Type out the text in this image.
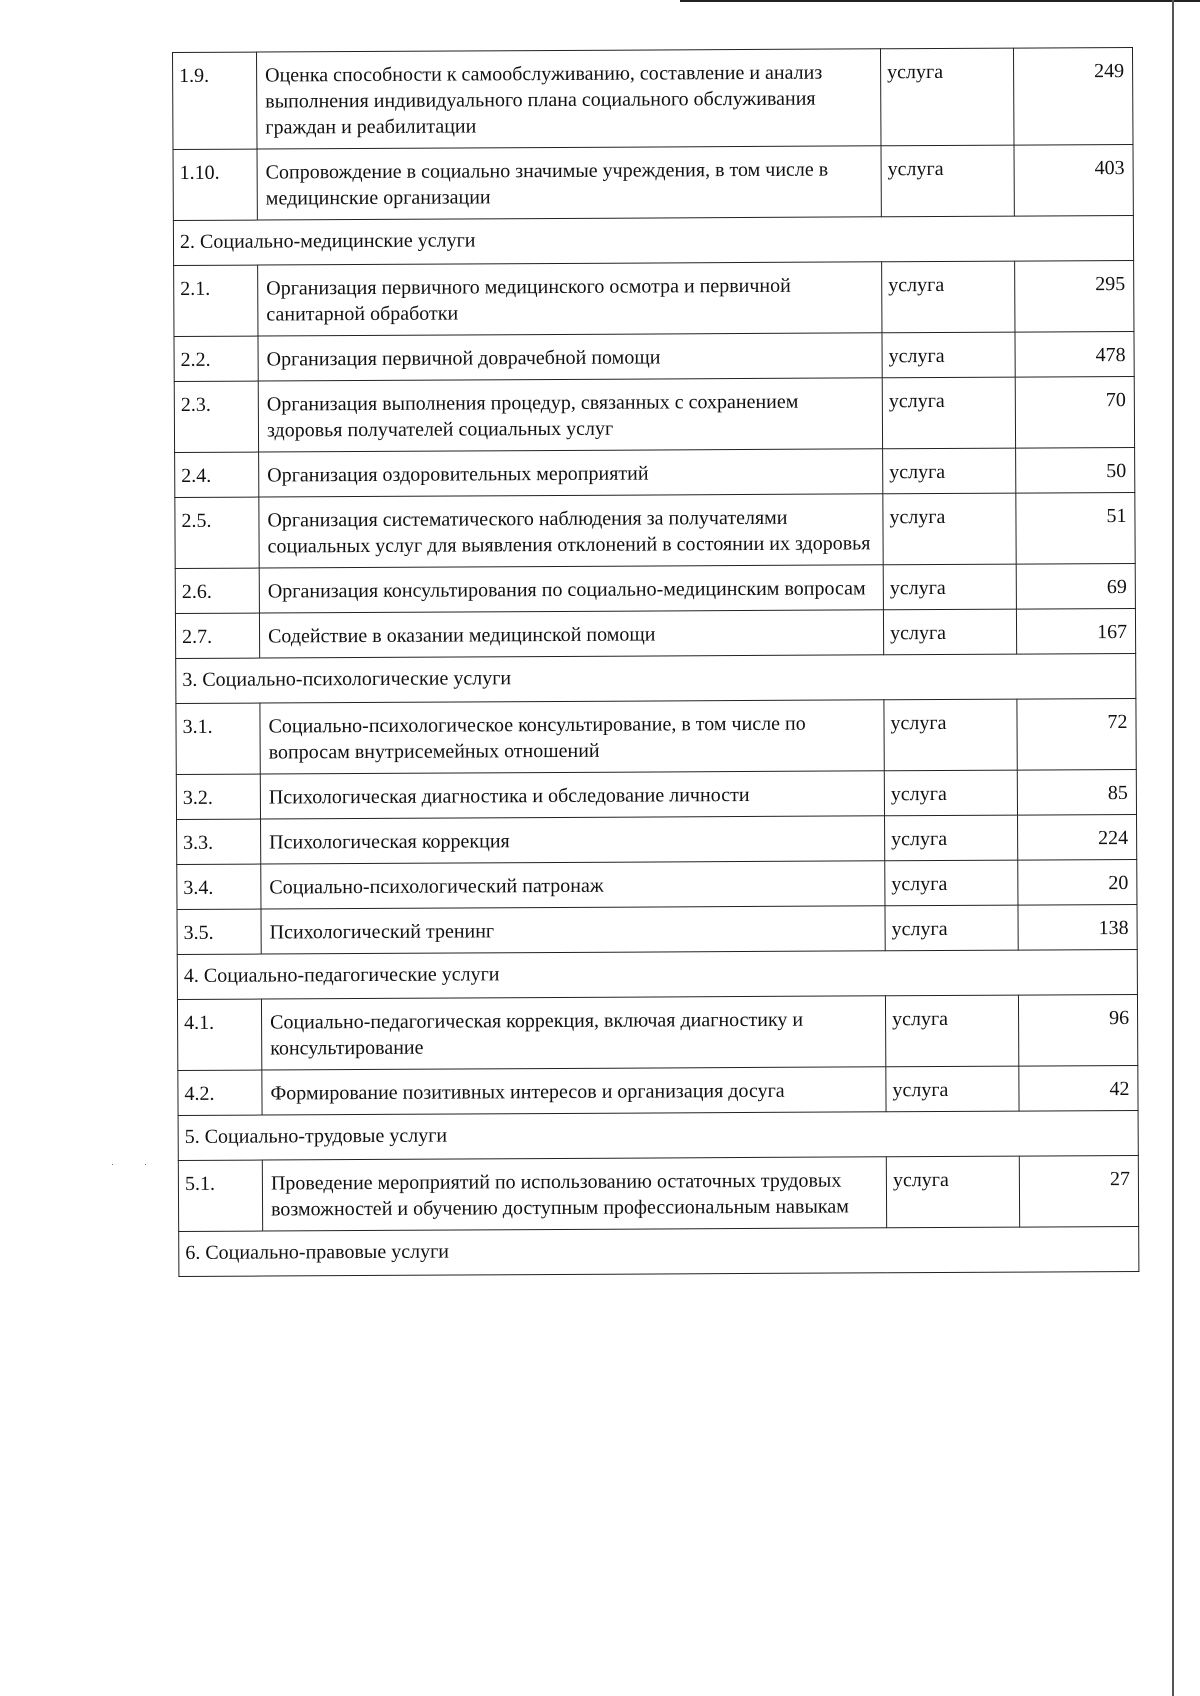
1.9.	Оценка способности к самообслуживанию, составление и анализ выполнения индивидуального плана социального обслуживания граждан и реабилитации	услуга	249
1.10.	Сопровождение в социально значимые учреждения, в том числе в медицинские организации	услуга	403
2. Социально-медицинские услуги			
2.1.	Организация первичного медицинского осмотра и первичной санитарной обработки	услуга	295
2.2.	Организация первичной доврачебной помощи	услуга	478
2.3.	Организация выполнения процедур, связанных с сохранением здоровья получателей социальных услуг	услуга	70
2.4.	Организация оздоровительных мероприятий	услуга	50
2.5.	Организация систематического наблюдения за получателями социальных услуг для выявления отклонений в состоянии их здоровья	услуга	51
2.6.	Организация консультирования по социально-медицинским вопросам	услуга	69
2.7.	Содействие в оказании медицинской помощи	услуга	167
3. Социально-психологические услуги			
3.1.	Социально-психологическое консультирование, в том числе по вопросам внутрисемейных отношений	услуга	72
3.2.	Психологическая диагностика и обследование личности	услуга	85
3.3.	Психологическая коррекция	услуга	224
3.4.	Социально-психологический патронаж	услуга	20
3.5.	Психологический тренинг	услуга	138
4. Социально-педагогические услуги			
4.1.	Социально-педагогическая коррекция, включая диагностику и консультирование	услуга	96
4.2.	Формирование позитивных интересов и организация досуга	услуга	42
5. Социально-трудовые услуги			
5.1.	Проведение мероприятий по использованию остаточных трудовых возможностей и обучению доступным профессиональным навыкам	услуга	27
6. Социально-правовые услуги			
